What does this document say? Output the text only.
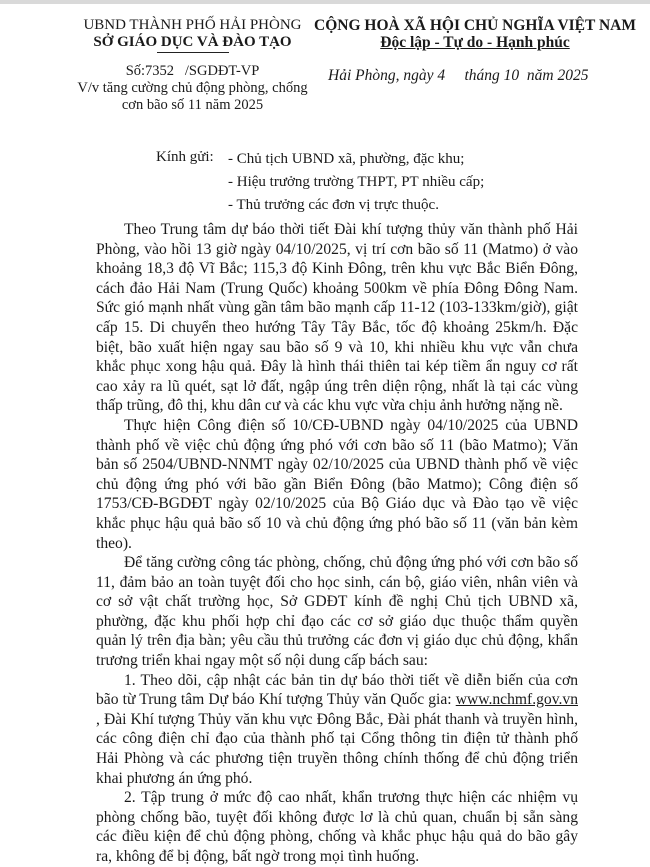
UBND THÀNH PHỐ HẢI PHÒNG
SỞ GIÁO DỤC VÀ ĐÀO TẠO
Số:7352   /SGDĐT-VP
V/v tăng cường chủ động phòng, chống
cơn bão số 11 năm 2025
CỘNG HOÀ XÃ HỘI CHỦ NGHĨA VIỆT NAM
Độc lập - Tự do - Hạnh phúc
Hải Phòng, ngày 4     tháng 10  năm 2025
Kính gửi: - Chủ tịch UBND xã, phường, đặc khu;
- Hiệu trưởng trường THPT, PT nhiều cấp;
- Thủ trưởng các đơn vị trực thuộc.

Theo Trung tâm dự báo thời tiết Đài khí tượng thủy văn thành phố Hải Phòng, vào hồi 13 giờ ngày 04/10/2025, vị trí cơn bão số 11 (Matmo) ở vào khoảng 18,3 độ Vĩ Bắc; 115,3 độ Kinh Đông, trên khu vực Bắc Biển Đông, cách đảo Hải Nam (Trung Quốc) khoảng 500km về phía Đông Đông Nam. Sức gió mạnh nhất vùng gần tâm bão mạnh cấp 11-12 (103-133km/giờ), giật cấp 15. Di chuyển theo hướng Tây Tây Bắc, tốc độ khoảng 25km/h. Đặc biệt, bão xuất hiện ngay sau bão số 9 và 10, khi nhiều khu vực vẫn chưa khắc phục xong hậu quả. Đây là hình thái thiên tai kép tiềm ẩn nguy cơ rất cao xảy ra lũ quét, sạt lở đất, ngập úng trên diện rộng, nhất là tại các vùng thấp trũng, đô thị, khu dân cư và các khu vực vừa chịu ảnh hưởng nặng nề.

Thực hiện Công điện số 10/CĐ-UBND ngày 04/10/2025 của UBND thành phố về việc chủ động ứng phó với cơn bão số 11 (bão Matmo); Văn bản số 2504/UBND-NNMT ngày 02/10/2025 của UBND thành phố về việc chủ động ứng phó với bão gần Biển Đông (bão Matmo); Công điện số 1753/CĐ-BGDĐT ngày 02/10/2025 của Bộ Giáo dục và Đào tạo về việc khắc phục hậu quả bão số 10 và chủ động ứng phó bão số 11 (văn bản kèm theo).

Để tăng cường công tác phòng, chống, chủ động ứng phó với cơn bão số 11, đảm bảo an toàn tuyệt đối cho học sinh, cán bộ, giáo viên, nhân viên và cơ sở vật chất trường học, Sở GDĐT kính đề nghị Chủ tịch UBND xã, phường, đặc khu phối hợp chỉ đạo các cơ sở giáo dục thuộc thẩm quyền quản lý trên địa bàn; yêu cầu thủ trưởng các đơn vị giáo dục chủ động, khẩn trương triển khai ngay một số nội dung cấp bách sau:

1. Theo dõi, cập nhật các bản tin dự báo thời tiết về diễn biến của cơn bão từ Trung tâm Dự báo Khí tượng Thủy văn Quốc gia: www.nchmf.gov.vn , Đài Khí tượng Thủy văn khu vực Đông Bắc, Đài phát thanh và truyền hình, các công điện chỉ đạo của thành phố tại Cổng thông tin điện tử thành phố Hải Phòng và các phương tiện truyền thông chính thống để chủ động triển khai phương án ứng phó.

2. Tập trung ở mức độ cao nhất, khẩn trương thực hiện các nhiệm vụ phòng chống bão, tuyệt đối không được lơ là chủ quan, chuẩn bị sẵn sàng các điều kiện để chủ động phòng, chống và khắc phục hậu quả do bão gây ra, không để bị động, bất ngờ trong mọi tình huống.
